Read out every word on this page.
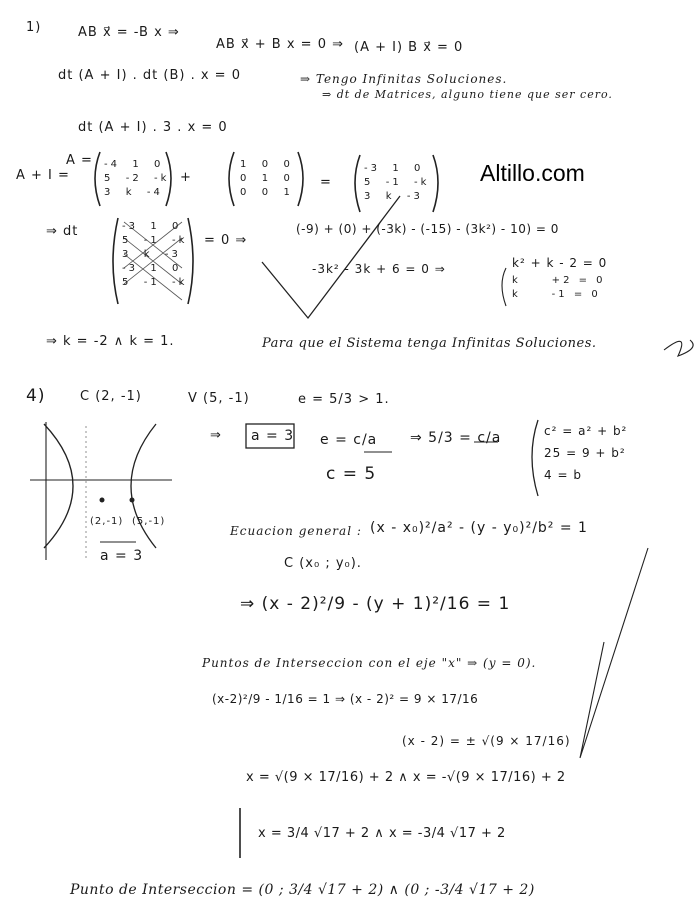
Altillo.com
1)	AB x⃗ = -B x ⇒
AB x⃗ + B x = 0 ⇒ (A + I) B x⃗ = 0
dt (A + I) . dt (B) . x = 0	⇒ Tengo Infinitas Soluciones.
⇒ dt de Matrices, alguno tiene que ser cero.
dt (A + I) . 3 . x = 0
A + I =
A = -4  1  0
5  -2  -k
3  k  -4
+
1  0  0
0  1  0
0  0  1
=
-3  1  0
5  -1  -k
3  k  -3
⇒ dt	-3  1  0
5  -1  -k
3  k  -3
-3  1  0
5  -1  -k
= 0 ⇒
(-9) + (0) + (-3k) - (-15) - (3k²) - 10) = 0
-3k² - 3k + 6 = 0 ⇒	k² + k - 2 = 0
k     +2 = 0
k     -1 = 0
⇒ k = -2 ∧ k = 1.	Para que el Sistema tenga Infinitas Soluciones.
4)	C (2, -1)	V (5, -1)	e = 5/3 > 1.
⇒ a = 3 e = c/a ⇒ 5/3 = c/a
c = 5
c² = a² + b²
25 = 9 + b²
4 = b
(2,-1) (5,-1)
a = 3
Ecuacion general : (x - x₀)²/a² - (y - y₀)²/b² = 1
C (x₀ ; y₀).
⇒ (x - 2)²/9 - (y + 1)²/16 = 1
Puntos de Interseccion con el eje "x" ⇒ (y = 0).
(x-2)²/9 - 1/16 = 1 ⇒ (x - 2)² = 9 × 17/16
(x - 2) = ± √(9 × 17/16)
x = √(9 × 17/16) + 2 ∧ x = -√(9 × 17/16) + 2
x = 3/4 √17 + 2 ∧ x = -3/4 √17 + 2
Punto de Interseccion = (0 ; 3/4 √17 + 2) ∧ (0 ; -3/4 √17 + 2)
